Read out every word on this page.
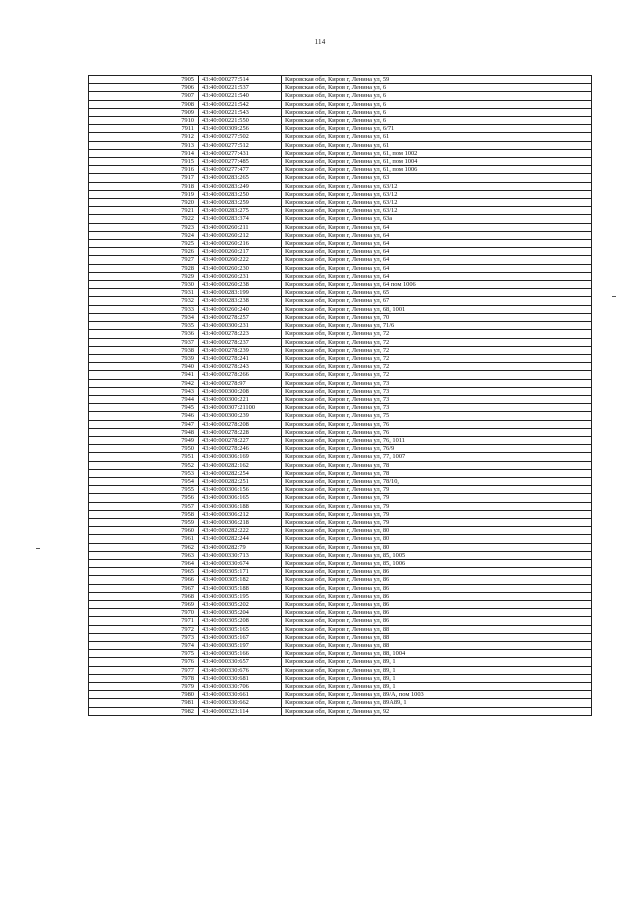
114
7905	43:40:000277:514	Кировская обл, Киров г, Ленина ул, 59
7906	43:40:000221:537	Кировская обл, Киров г, Ленина ул, 6
7907	43:40:000221:540	Кировская обл, Киров г, Ленина ул, 6
7908	43:40:000221:542	Кировская обл, Киров г, Ленина ул, 6
7909	43:40:000221:543	Кировская обл, Киров г, Ленина ул, 6
7910	43:40:000221:550	Кировская обл, Киров г, Ленина ул, 6
7911	43:40:000309:256	Кировская обл, Киров г, Ленина ул, 6/71
7912	43:40:000277:502	Кировская обл, Киров г, Ленина ул, 61
7913	43:40:000277:512	Кировская обл, Киров г, Ленина ул, 61
7914	43:40:000277:431	Кировская обл, Киров г, Ленина ул, 61, пом 1002
7915	43:40:000277:485	Кировская обл, Киров г, Ленина ул, 61, пом 1004
7916	43:40:000277:477	Кировская обл, Киров г, Ленина ул, 61, пом 1006
7917	43:40:000283:265	Кировская обл, Киров г, Ленина ул, 63
7918	43:40:000283:249	Кировская обл, Киров г, Ленина ул, 63/12
7919	43:40:000283:250	Кировская обл, Киров г, Ленина ул, 63/12
7920	43:40:000283:259	Кировская обл, Киров г, Ленина ул, 63/12
7921	43:40:000283:275	Кировская обл, Киров г, Ленина ул, 63/12
7922	43:40:000283:374	Кировская обл, Киров г, Ленина ул, 63а
7923	43:40:000260:211	Кировская обл, Киров г, Ленина ул, 64
7924	43:40:000260:212	Кировская обл, Киров г, Ленина ул, 64
7925	43:40:000260:216	Кировская обл, Киров г, Ленина ул, 64
7926	43:40:000260:217	Кировская обл, Киров г, Ленина ул, 64
7927	43:40:000260:222	Кировская обл, Киров г, Ленина ул, 64
7928	43:40:000260:230	Кировская обл, Киров г, Ленина ул, 64
7929	43:40:000260:231	Кировская обл, Киров г, Ленина ул, 64
7930	43:40:000260:238	Кировская обл, Киров г, Ленина ул, 64 пом 1006
7931	43:40:000283:199	Кировская обл, Киров г, Ленина ул, 65
7932	43:40:000283:238	Кировская обл, Киров г, Ленина ул, 67
7933	43:40:000260:240	Кировская обл, Киров г, Ленина ул, 68, 1001
7934	43:40:000278:257	Кировская обл, Киров г, Ленина ул, 70
7935	43:40:000300:231	Кировская обл, Киров г, Ленина ул, 71/6
7936	43:40:000278:223	Кировская обл, Киров г, Ленина ул, 72
7937	43:40:000278:237	Кировская обл, Киров г, Ленина ул, 72
7938	43:40:000278:239	Кировская обл, Киров г, Ленина ул, 72
7939	43:40:000278:241	Кировская обл, Киров г, Ленина ул, 72
7940	43:40:000278:243	Кировская обл, Киров г, Ленина ул, 72
7941	43:40:000278:266	Кировская обл, Киров г, Ленина ул, 72
7942	43:40:000278:97	Кировская обл, Киров г, Ленина ул, 73
7943	43:40:000300:208	Кировская обл, Киров г, Ленина ул, 73
7944	43:40:000300:221	Кировская обл, Киров г, Ленина ул, 73
7945	43:40:000307:21100	Кировская обл, Киров г, Ленина ул, 73
7946	43:40:000300:239	Кировская обл, Киров г, Ленина ул, 75
7947	43:40:000278:208	Кировская обл, Киров г, Ленина ул, 76
7948	43:40:000278:228	Кировская обл, Киров г, Ленина ул, 76
7949	43:40:000278:227	Кировская обл, Киров г, Ленина ул, 76, 1011
7950	43:40:000278:246	Кировская обл, Киров г, Ленина ул, 76/9
7951	43:40:000306:169	Кировская обл, Киров г, Ленина ул, 77, 1007
7952	43:40:000282:162	Кировская обл, Киров г, Ленина ул, 78
7953	43:40:000282:254	Кировская обл, Киров г, Ленина ул, 78
7954	43:40:000282:251	Кировская обл, Киров г, Ленина ул, 78/10,
7955	43:40:000306:156	Кировская обл, Киров г, Ленина ул, 79
7956	43:40:000306:165	Кировская обл, Киров г, Ленина ул, 79
7957	43:40:000306:188	Кировская обл, Киров г, Ленина ул, 79
7958	43:40:000306:212	Кировская обл, Киров г, Ленина ул, 79
7959	43:40:000306:218	Кировская обл, Киров г, Ленина ул, 79
7960	43:40:000282:222	Кировская обл, Киров г, Ленина ул, 80
7961	43:40:000282:244	Кировская обл, Киров г, Ленина ул, 80
7962	43:40:000282:79	Кировская обл, Киров г, Ленина ул, 80
7963	43:40:000330:713	Кировская обл, Киров г, Ленина ул, 85, 1005
7964	43:40:000330:674	Кировская обл, Киров г, Ленина ул, 85, 1006
7965	43:40:000305:171	Кировская обл, Киров г, Ленина ул, 86
7966	43:40:000305:182	Кировская обл, Киров г, Ленина ул, 86
7967	43:40:000305:188	Кировская обл, Киров г, Ленина ул, 86
7968	43:40:000305:195	Кировская обл, Киров г, Ленина ул, 86
7969	43:40:000305:202	Кировская обл, Киров г, Ленина ул, 86
7970	43:40:000305:204	Кировская обл, Киров г, Ленина ул, 86
7971	43:40:000305:208	Кировская обл, Киров г, Ленина ул, 86
7972	43:40:000305:165	Кировская обл, Киров г, Ленина ул, 88
7973	43:40:000305:167	Кировская обл, Киров г, Ленина ул, 88
7974	43:40:000305:197	Кировская обл, Киров г, Ленина ул, 88
7975	43:40:000305:166	Кировская обл, Киров г, Ленина ул, 88, 1004
7976	43:40:000330:657	Кировская обл, Киров г, Ленина ул, 89, 1
7977	43:40:000330:676	Кировская обл, Киров г, Ленина ул, 89, 1
7978	43:40:000330:681	Кировская обл, Киров г, Ленина ул, 89, 1
7979	43:40:000330:706	Кировская обл, Киров г, Ленина ул, 89, 1
7980	43:40:000330:661	Кировская обл, Киров г, Ленина ул, 89/А, пом 1003
7981	43:40:000330:662	Кировская обл, Киров г, Ленина ул, 89А89, 1
7982	43:40:000323:114	Кировская обл, Киров г, Ленина ул, 92
